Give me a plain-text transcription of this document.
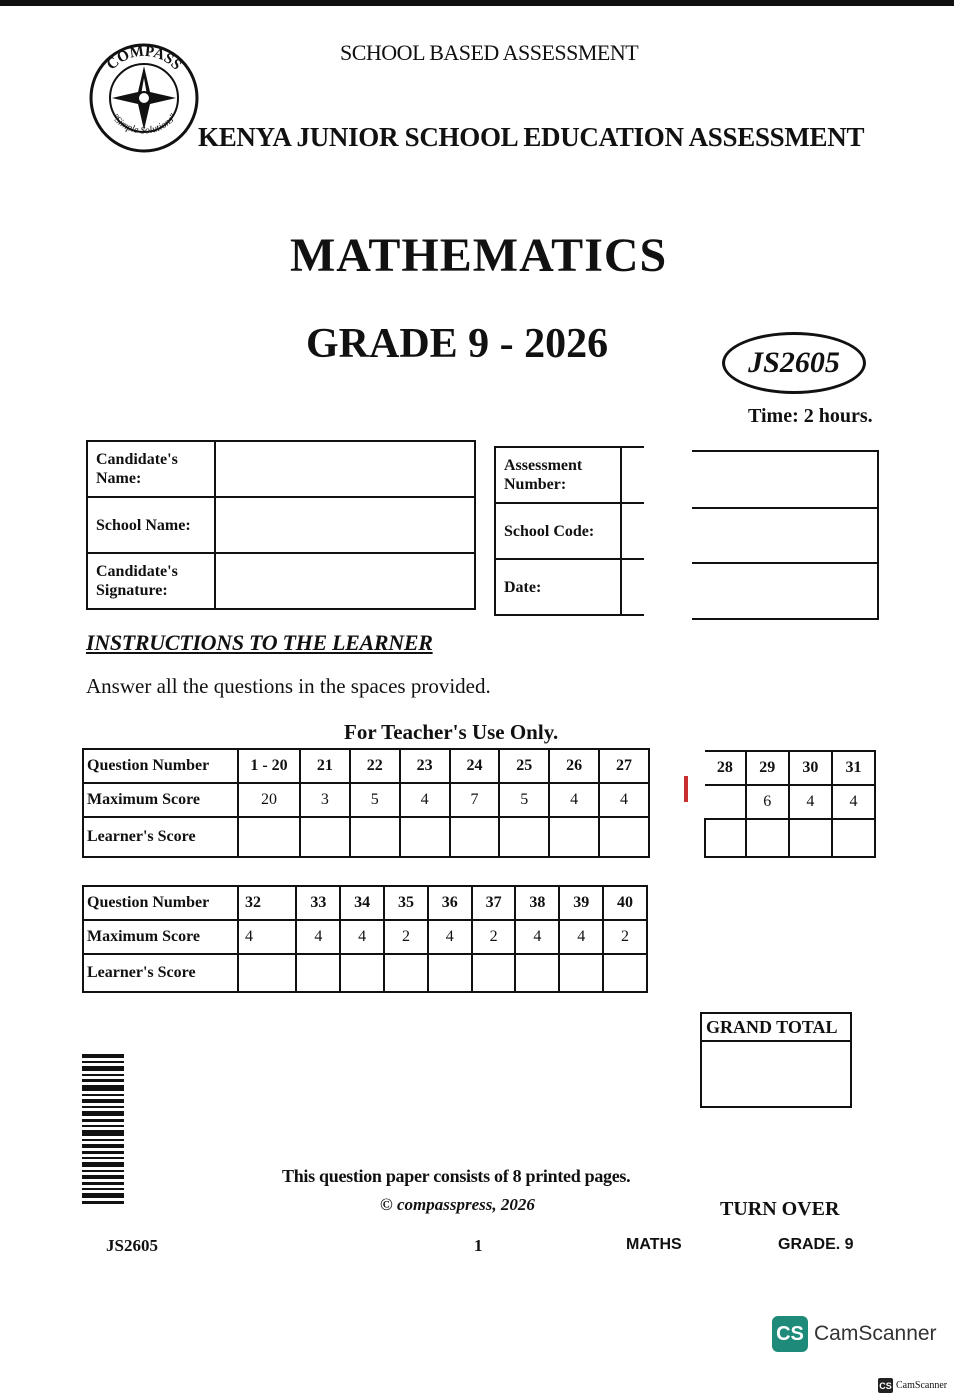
COMPASS
"Simple Solutions"
SCHOOL BASED ASSESSMENT
KENYA JUNIOR SCHOOL EDUCATION ASSESSMENT
MATHEMATICS
GRADE 9 - 2026	JS2605
Time: 2 hours.
Candidate's Name:	
School Name:	
Candidate's Signature:	
Assessment Number:	
School Code:	
Date:	
INSTRUCTIONS TO THE LEARNER
Answer all the questions in the spaces provided.
For Teacher's Use Only.
Question Number	1 - 20	21	22	23	24	25	26	27
Maximum Score	20	3	5	4	7	5	4	4
Learner's Score								
28	29	30	31
	6	4	4

Question Number	32	33	34	35	36	37	38	39	40
Maximum Score	4	4	4	2	4	2	4	4	2
Learner's Score									
GRAND TOTAL

This question paper consists of 8 printed pages.
© compasspress, 2026	TURN OVER
JS2605	1	MATHS	GRADE. 9
CS CamScanner
CS CamScanner
